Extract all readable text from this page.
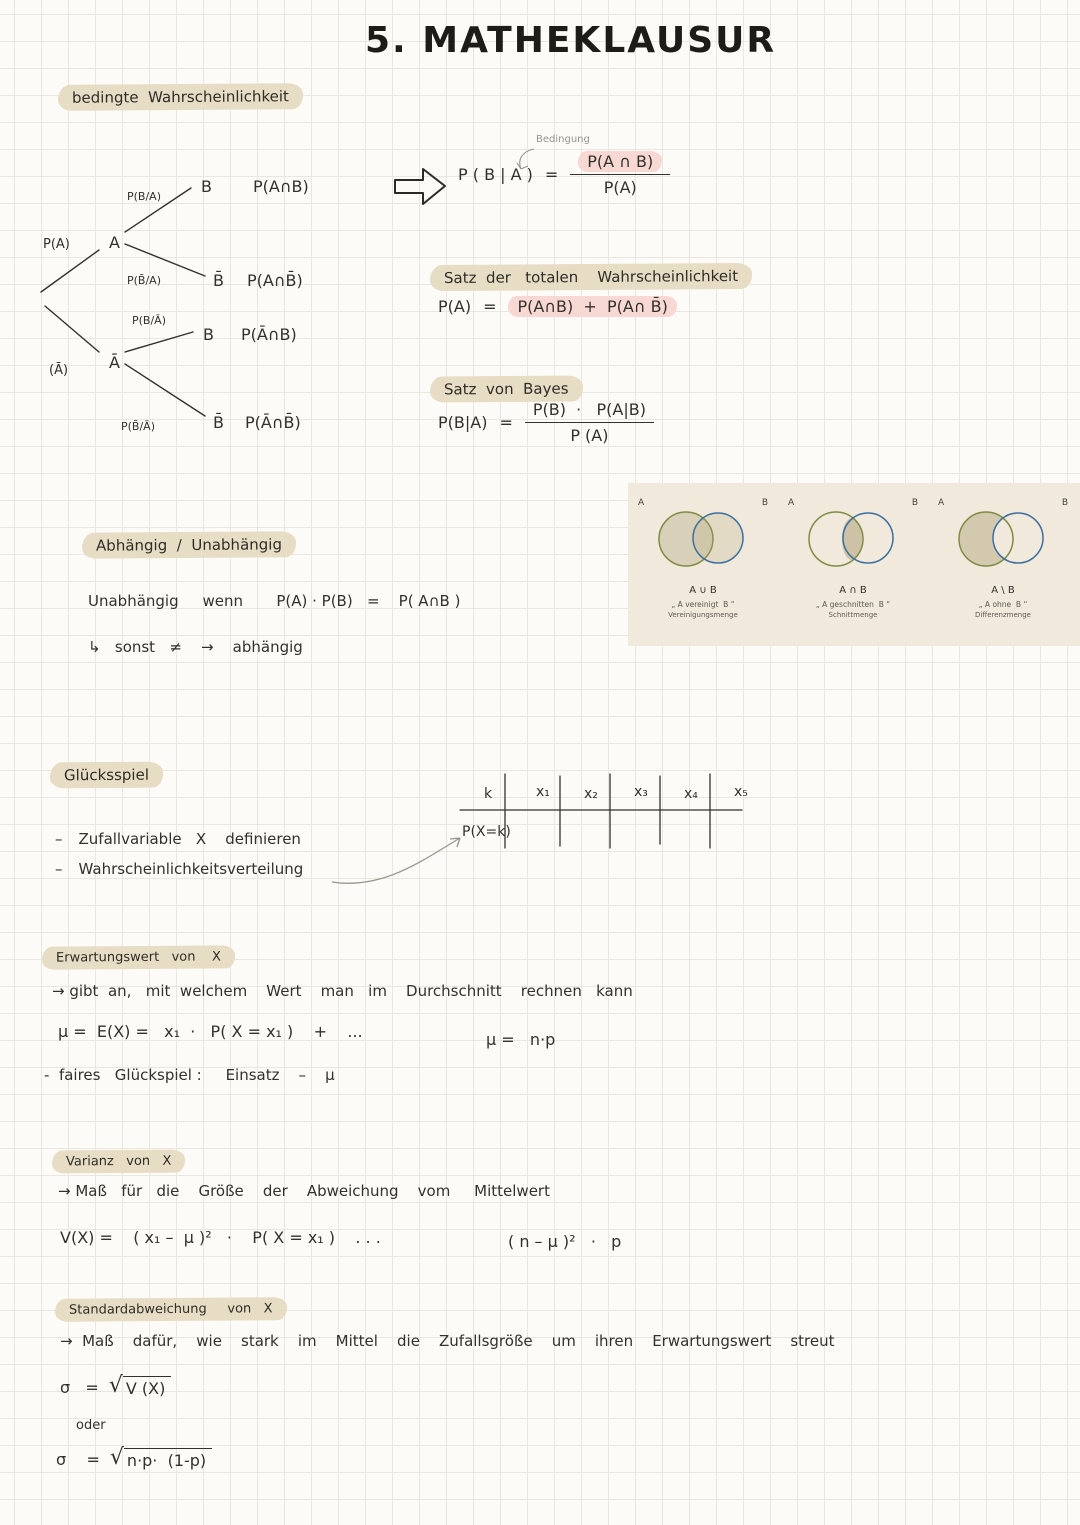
5. MATHEKLAUSUR
bedingte  Wahrscheinlichkeit
P(A) A
(Ā)	Ā
P(B/A)
P(B̄/A)
P(B/Ā)
P(B̄/Ā)
B
B̄
B
B̄
P(A∩B)
P(A∩B̄)
P(Ā∩B)
P(Ā∩B̄)
Bedingung
P ( B | A ) = $\frac{P(A \cap B)}{P(A)}$
Satz  der   totalen    Wahrscheinlichkeit
P(A) =	P(A∩B)  +  P(A∩ B̄)
Satz  von  Bayes
$P(B|A) = \frac{P(B) \cdot P(A|B)}{P (A)}$
A	B
A ∪ B
„ A vereinigt  B “
Vereinigungsmenge
A	B
A ∩ B
„ A geschnitten  B “
Schnittmenge
A	B
A \ B
„ A ohne  B “
Differenzmenge
Abhängig  /  Unabhängig
Unabhängig     wenn       P(A) · P(B)   =    P( A∩B )
↳   sonst   ≠    →    abhängig
Glücksspiel
– Zufallvariable   X    definieren
– Wahrscheinlichkeitsverteilung
k	x₁ x₂	x₃	x₄	x₅
P(X=k)
Erwartungswert   von    X
→ gibt  an,   mit  welchem    Wert    man   im    Durchschnitt    rechnen   kann
μ =  E(X) =   x₁  ·   P( X = x₁ )    +    ...	μ =   n·p
-  faires   Glückspiel :     Einsatz    –    μ
Varianz   von   X
→ Maß   für   die    Größe    der    Abweichung    vom     Mittelwert
V(X) =    ( x₁ –  μ )²   ·    P( X = x₁ )    . . .	( n – μ )²   ·   p
Standardabweichung     von   X
→  Maß    dafür,    wie    stark    im    Mittel    die    Zufallsgröße    um    ihren    Erwartungswert    streut
σ   = √ V (X)
oder
σ    = √ n·p·  (1-p)
